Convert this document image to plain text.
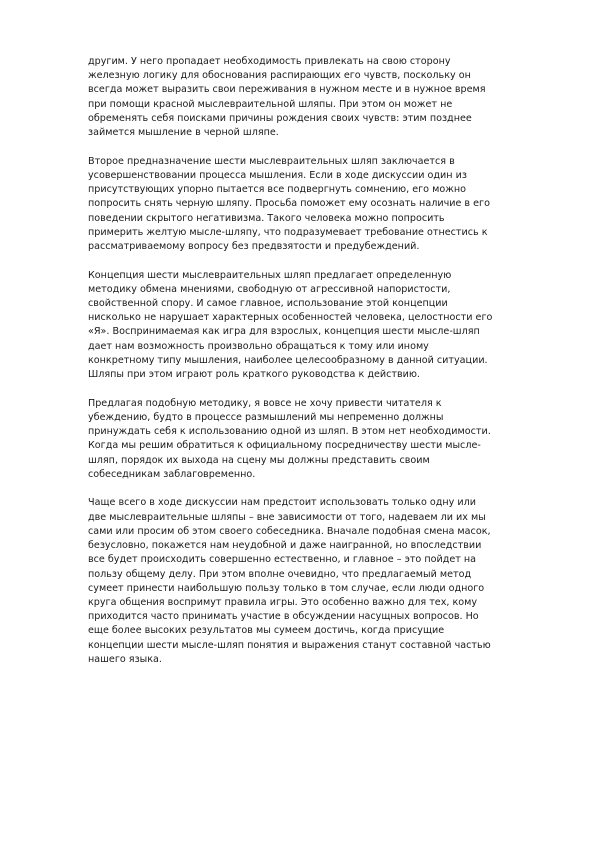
другим. У него пропадает необходимость привлекать на свою сторону
железную логику для обоснования распирающих его чувств, поскольку он
всегда может выразить свои переживания в нужном месте и в нужное время
при помощи красной мыслевраительной шляпы. При этом он может не
обременять себя поисками причины рождения своих чувств: этим позднее
займется мышление в черной шляпе.

Второе предназначение шести мыслевраительных шляп заключается в
усовершенствовании процесса мышления. Если в ходе дискуссии один из
присутствующих упорно пытается все подвергнуть сомнению, его можно
попросить снять черную шляпу. Просьба поможет ему осознать наличие в его
поведении скрытого негативизма. Такого человека можно попросить
примерить желтую мысле-шляпу, что подразумевает требование отнестись к
рассматриваемому вопросу без предвзятости и предубеждений.

Концепция шести мыслевраительных шляп предлагает определенную
методику обмена мнениями, свободную от агрессивной напористости,
свойственной спору. И самое главное, использование этой концепции
нисколько не нарушает характерных особенностей человека, целостности его
«Я». Воспринимаемая как игра для взрослых, концепция шести мысле-шляп
дает нам возможность произвольно обращаться к тому или иному
конкретному типу мышления, наиболее целесообразному в данной ситуации.
Шляпы при этом играют роль краткого руководства к действию.

Предлагая подобную методику, я вовсе не хочу привести читателя к
убеждению, будто в процессе размышлений мы непременно должны
принуждать себя к использованию одной из шляп. В этом нет необходимости.
Когда мы решим обратиться к официальному посредничеству шести мысле-
шляп, порядок их выхода на сцену мы должны представить своим
собеседникам заблаговременно.

Чаще всего в ходе дискуссии нам предстоит использовать только одну или
две мыслевраительные шляпы – вне зависимости от того, надеваем ли их мы
сами или просим об этом своего собеседника. Вначале подобная смена масок,
безусловно, покажется нам неудобной и даже наигранной, но впоследствии
все будет происходить совершенно естественно, и главное – это пойдет на
пользу общему делу. При этом вполне очевидно, что предлагаемый метод
сумеет принести наибольшую пользу только в том случае, если люди одного
круга общения воспримут правила игры. Это особенно важно для тех, кому
приходится часто принимать участие в обсуждении насущных вопросов. Но
еще более высоких результатов мы сумеем достичь, когда присущие
концепции шести мысле-шляп понятия и выражения станут составной частью
нашего языка.
